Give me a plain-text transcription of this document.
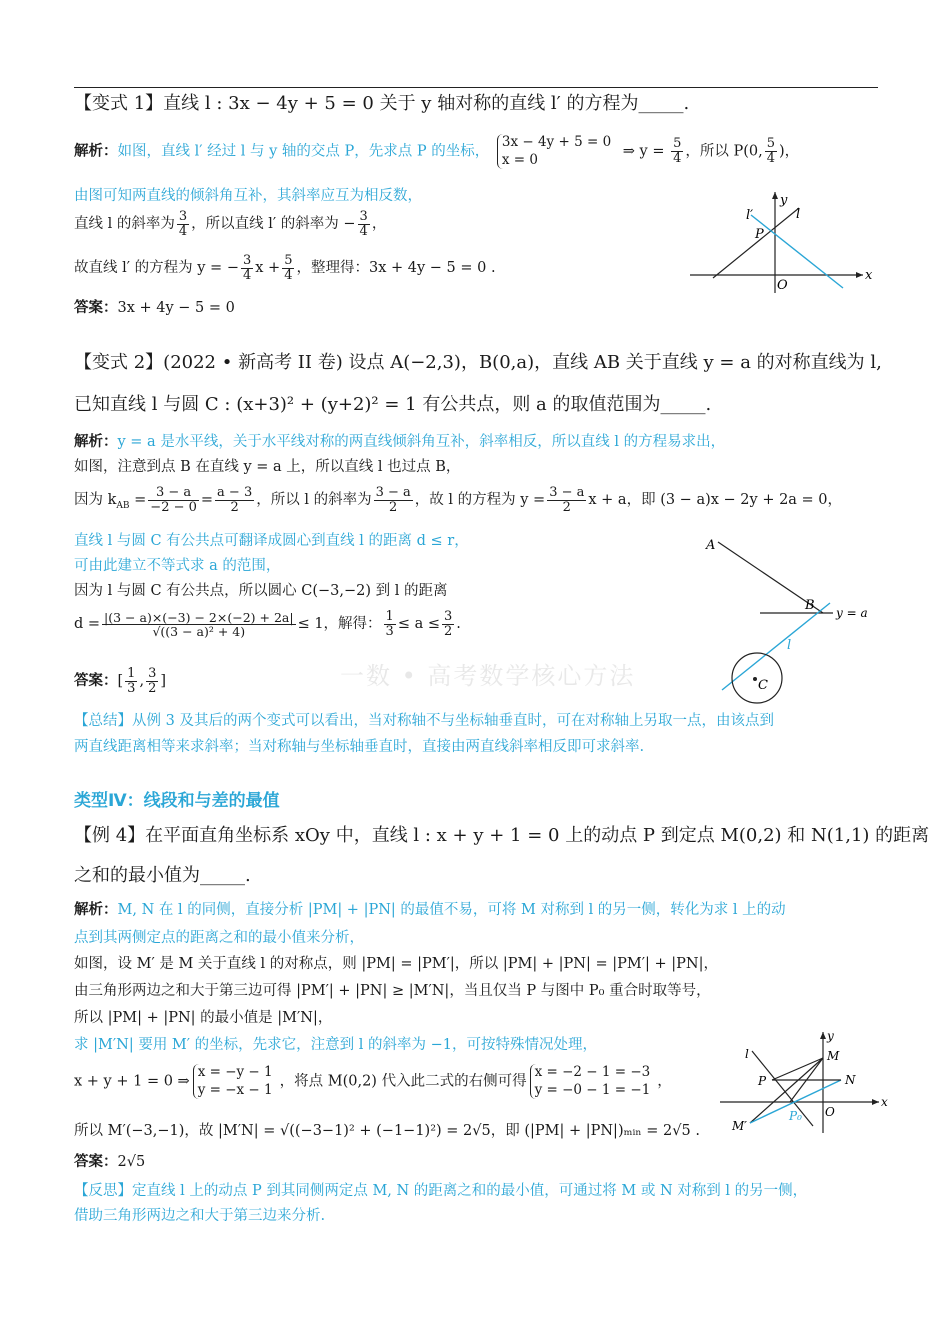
【变式 1】直线 l : 3x − 4y + 5 = 0 关于 y 轴对称的直线 l′ 的方程为_____.
解析：如图，直线 l′ 经过 l 与 y 轴的交点 P，先求点 P 的坐标，
3x − 4y + 5 = 0
x = 0	⇒ $y = \frac{5}{4}$ ，所以 P(0, $\frac{5}{4}$ )，
由图可知两直线的倾斜角互补，其斜率应互为相反数，
直线 l 的斜率为 $\frac{3}{4}$ ，所以直线 l′ 的斜率为 − $\frac{3}{4}$ ，
故直线 l′ 的方程为 y = − $\frac{3}{4}$ $x + \frac{5}{4}$ ，整理得：3x + 4y − 5 = 0 .
答案：3x + 4y − 5 = 0
l′	l
y
P
O
x
【变式 2】(2022 • 新高考 II 卷) 设点 A(−2,3)，B(0,a)，直线 AB 关于直线 y = a 的对称直线为 l,
已知直线 l 与圆 C : (x+3)² + (y+2)² = 1 有公共点，则 a 的取值范围为_____.
解析：y = a 是水平线，关于水平线对称的两直线倾斜角互补，斜率相反，所以直线 l 的方程易求出，
如图，注意到点 B 在直线 y = a 上，所以直线 l 也过点 B，
因为 $k_{AB} = \frac{3 - a}{-2 - 0} = \frac{a - 3}{2}$ ，所以 l 的斜率为 $\frac{3 - a}{2}$ ，故 l 的方程为 $y = \frac{3 - a}{2}$ x + a，即 (3 − a)x − 2y + 2a = 0，
直线 l 与圆 C 有公共点可翻译成圆心到直线 l 的距离 d ≤ r，
可由此建立不等式求 a 的范围，
因为 l 与圆 C 有公共点，所以圆心 C(−3,−2) 到 l 的距离
$d = \frac{|(3 - a)\times(-3) - 2\times(-2) + 2a|}{\text{√((3 − a)² + 4)}} \le 1$，解得： $\frac{1}{3} \le a \le \frac{3}{2}$ .
答案：[ $\frac{1}{3}$ , $\frac{3}{2}$ ]
A
B y = a
l
C
一数 • 高考数学核心方法
【总结】从例 3 及其后的两个变式可以看出，当对称轴不与坐标轴垂直时，可在对称轴上另取一点，由该点到
两直线距离相等来求斜率；当对称轴与坐标轴垂直时，直接由两直线斜率相反即可求斜率.
类型Ⅳ：线段和与差的最值
【例 4】在平面直角坐标系 xOy 中，直线 l : x + y + 1 = 0 上的动点 P 到定点 M(0,2) 和 N(1,1) 的距离
之和的最小值为_____.
解析：M, N 在 l 的同侧，直接分析 |PM| + |PN| 的最值不易，可将 M 对称到 l 的另一侧，转化为求 l 上的动
点到其两侧定点的距离之和的最小值来分析，
如图，设 M′ 是 M 关于直线 l 的对称点，则 |PM| = |PM′|，所以 |PM| + |PN| = |PM′| + |PN|，
由三角形两边之和大于第三边可得 |PM′| + |PN| ≥ |M′N|，当且仅当 P 与图中 P₀ 重合时取等号，
所以 |PM| + |PN| 的最小值是 |M′N|，
求 |M′N| 要用 M′ 的坐标，先求它，注意到 l 的斜率为 −1，可按特殊情况处理，
x + y + 1 = 0 ⇒
x = −y − 1
y = −x − 1 ，将点 M(0,2) 代入此二式的右侧可得
x = −2 − 1 = −3
y = −0 − 1 = −1 ，
所以 M′(−3,−1)，故 |M′N| = √((−3−1)² + (−1−1)²) = 2√5，即 (|PM| + |PN|)ₘᵢₙ = 2√5 .
答案：2√5
y
l	M
N
P
O
x
M′
P₀
【反思】定直线 l 上的动点 P 到其同侧两定点 M, N 的距离之和的最小值，可通过将 M 或 N 对称到 l 的另一侧，
借助三角形两边之和大于第三边来分析.
